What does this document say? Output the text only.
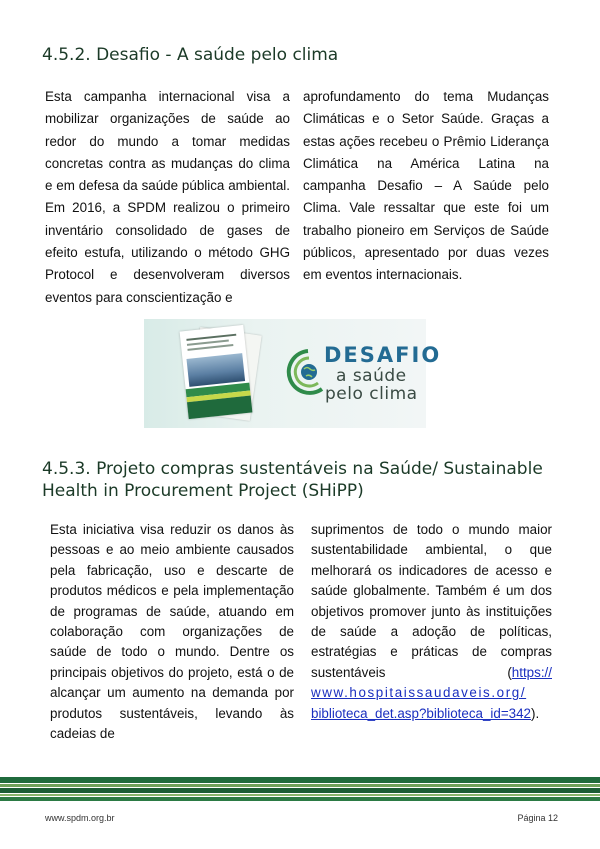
4.5.2. Desafio - A saúde pelo clima

Esta campanha internacional visa a mobilizar organizações de saúde ao redor do mundo a tomar medidas concretas contra as mudanças do clima e em defesa da saúde pública ambiental. Em 2016, a SPDM realizou o primeiro inventário consolidado de gases de efeito estufa, utilizando o método GHG Protocol e desenvolveram diversos eventos para conscientização e

aprofundamento do tema Mudanças Climáticas e o Setor Saúde. Graças a estas ações recebeu o Prêmio Liderança Climática na América Latina na campanha Desafio – A Saúde pelo Clima. Vale ressaltar que este foi um trabalho pioneiro em Serviços de Saúde públicos, apresentado por duas vezes em eventos internacionais.

DESAFIO
a saúde
pelo clima
4.5.3. Projeto compras sustentáveis na Saúde/ Sustainable Health in Procurement Project (SHiPP)

Esta iniciativa visa reduzir os danos às pessoas e ao meio ambiente causados pela fabricação, uso e descarte de produtos médicos e pela implementação de programas de saúde, atuando em colaboração com organizações de saúde de todo o mundo. Dentre os principais objetivos do projeto, está o de alcançar um aumento na demanda por produtos sustentáveis, levando às cadeias de

suprimentos de todo o mundo maior sustentabilidade ambiental, o que melhorará os indicadores de acesso e saúde globalmente. Também é um dos objetivos promover junto às instituições de saúde a adoção de políticas, estratégias e práticas de compras sustentáveis (https:// www.hospitaissaudaveis.org/ biblioteca_det.asp?biblioteca_id=342).

www.spdm.org.br	Página 12
